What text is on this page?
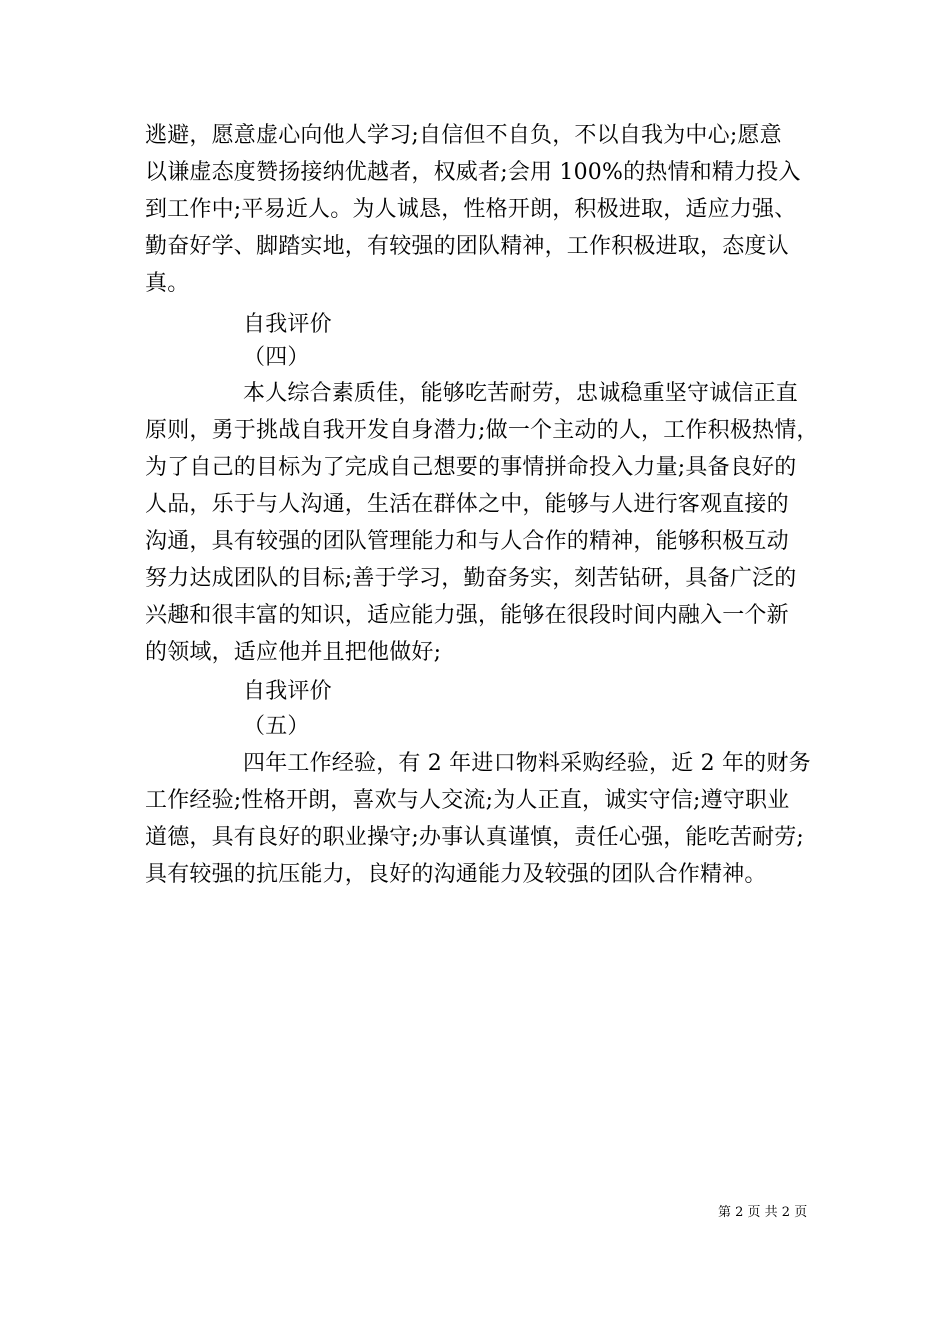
逃避，愿意虚心向他人学习;自信但不自负，不以自我为中心;愿意
以谦虚态度赞扬接纳优越者，权威者;会用 100%的热情和精力投入
到工作中;平易近人。为人诚恳，性格开朗，积极进取，适应力强、
勤奋好学、脚踏实地，有较强的团队精神，工作积极进取，态度认
真。
自我评价
（四）
本人综合素质佳，能够吃苦耐劳，忠诚稳重坚守诚信正直
原则，勇于挑战自我开发自身潜力;做一个主动的人，工作积极热情，
为了自己的目标为了完成自己想要的事情拼命投入力量;具备良好的
人品，乐于与人沟通，生活在群体之中，能够与人进行客观直接的
沟通，具有较强的团队管理能力和与人合作的精神，能够积极互动
努力达成团队的目标;善于学习，勤奋务实，刻苦钻研，具备广泛的
兴趣和很丰富的知识，适应能力强，能够在很段时间内融入一个新
的领域，适应他并且把他做好;
自我评价
（五）
四年工作经验，有 2 年进口物料采购经验，近 2 年的财务
工作经验;性格开朗，喜欢与人交流;为人正直，诚实守信;遵守职业
道德，具有良好的职业操守;办事认真谨慎，责任心强，能吃苦耐劳;
具有较强的抗压能力，良好的沟通能力及较强的团队合作精神。
第 2 页 共 2 页
